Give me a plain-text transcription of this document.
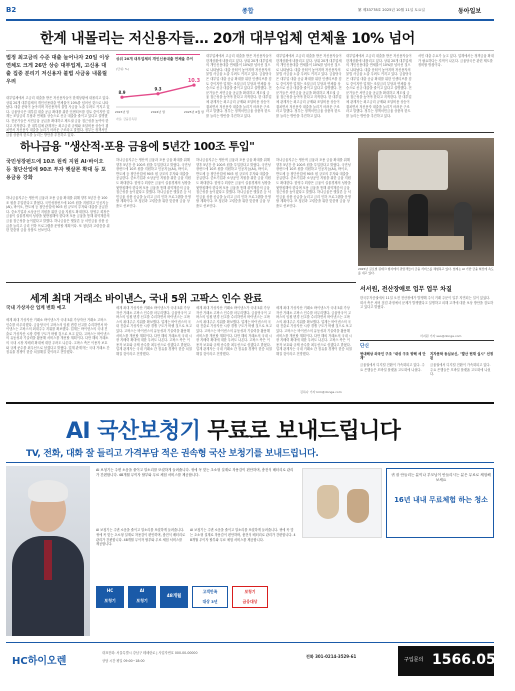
B2	종합	第 제33778호 2025년 10월 11일 토요일	동아일보
한계 내몰리는 저신용자들… 20개 대부업체 연체율 10% 넘어
법정 최고금리 수준 대출 늘어나자 20일 이상 연체도 크게 26만 상승 대부업계, 고신용 대출 집중 분리기 저신용자 불법 사금융 내몰릴 우려
대부업체에서 고금리 대출을 받은 저신용자들이 한계상황에 내몰리고 있다. 상위 20개 대부업체의 개인신용대출 연체율이 10%를 넘어선 것으로 나타났다. 대출 문턱이 높아지며 저신용자의 불법 사금융 노출 우려도 커지고 있다. 금융당국은 대부업 대출 공급 확대를 위한 인센티브를 검토 중이지만 업계는 조달금리 부담과 연체율 상승으로 신규 대출을 줄이고 있다고 설명했다. 전문가들은 서민금융 공급을 확대하고 제도권 금융 접근성을 높여야 한다고 지적한다. 한 대부업체 관계자는 최고금리 규제와 조달비용 상승이 겹치면서 저신용자 대출을 늘리기 어려운 구조라고 말했다. 정부는 정책서민금융 상품의 한도를 늘리는 방안을 추진하고 있다.
상위 20개 대부업체의 개인신용대출 연체율 추이
(단위: %)
8.9
2023년 말
9.3
2024년 말
10.3
2025년 6월 말
자료: 금융감독원
대부업체에서 고금리 대출을 받은 저신용자들이 한계상황에 내몰리고 있다. 상위 20개 대부업체의 개인신용대출 연체율이 10%를 넘어선 것으로 나타났다. 대출 문턱이 높아지며 저신용자의 불법 사금융 노출 우려도 커지고 있다. 금융당국은 대부업 대출 공급 확대를 위한 인센티브를 검토 중이지만 업계는 조달금리 부담과 연체율 상승으로 신규 대출을 줄이고 있다고 설명했다. 전문가들은 서민금융 공급을 확대하고 제도권 금융 접근성을 높여야 한다고 지적한다. 한 대부업체 관계자는 최고금리 규제와 조달비용 상승이 겹치면서 저신용자 대출을 늘리기 어려운 구조라고 말했다. 정부는 정책서민금융 상품의 한도를 늘리는 방안을 추진하고 있다.
대부업체에서 고금리 대출을 받은 저신용자들이 한계상황에 내몰리고 있다. 상위 20개 대부업체의 개인신용대출 연체율이 10%를 넘어선 것으로 나타났다. 대출 문턱이 높아지며 저신용자의 불법 사금융 노출 우려도 커지고 있다. 금융당국은 대부업 대출 공급 확대를 위한 인센티브를 검토 중이지만 업계는 조달금리 부담과 연체율 상승으로 신규 대출을 줄이고 있다고 설명했다. 전문가들은 서민금융 공급을 확대하고 제도권 금융 접근성을 높여야 한다고 지적한다. 한 대부업체 관계자는 최고금리 규제와 조달비용 상승이 겹치면서 저신용자 대출을 늘리기 어려운 구조라고 말했다. 정부는 정책서민금융 상품의 한도를 늘리는 방안을 추진하고 있다.
대부업체에서 고금리 대출을 받은 저신용자들이 한계상황에 내몰리고 있다. 상위 20개 대부업체의 개인신용대출 연체율이 10%를 넘어선 것으로 나타났다. 대출 문턱이 높아지며 저신용자의 불법 사금융 노출 우려도 커지고 있다. 금융당국은 대부업 대출 공급 확대를 위한 인센티브를 검토 중이지만 업계는 조달금리 부담과 연체율 상승으로 신규 대출을 줄이고 있다고 설명했다. 전문가들은 서민금융 공급을 확대하고 제도권 금융 접근성을 높여야 한다고 지적한다. 한 대부업체 관계자는 최고금리 규제와 조달비용 상승이 겹치면서 저신용자 대출을 늘리기 어려운 구조라고 말했다. 정부는 정책서민금융 상품의 한도를 늘리는 방안을 추진하고 있다.
서민 대출 수요가 늘고 있다. 업계에서는 정책금융 확대가 필요하다는 지적이 나온다. 금융당국은 관련 제도를 정비할 방침이다.
하나금융 "생산적·포용 금융에 5년간 100조 투입"
국민성장펀드에 10조 원씩 지원 AI·바이오 등 첨단산업에 90조 투자 햇살론 확대 등 포용금융 강화
하나금융지주는 생산적 금융과 포용 금융 확대를 위해 향후 5년간 총 100조 원을 투입한다고 밝혔다. 국민성장펀드에 10조 원을 지원하고 인공지능(AI), 바이오, 반도체 등 첨단산업에 90조 원 규모의 투자와 대출을 공급한다. 중소기업과 소상공인 지원을 위한 금융 지원도 확대한다. 함영주 회장은 금융이 실물경제의 성장을 뒷받침해야 한다며 포용 금융을 통해 취약계층의 금융 접근성을 높이겠다고 말했다. 하나금융은 햇살론 등 서민금융 상품 공급을 늘리고 금리 인하 프로그램을 운영할 계획이다. 또 청년과 고령층을 위한 맞춤형 금융 상품도 선보인다.
하나금융지주는 생산적 금융과 포용 금융 확대를 위해 향후 5년간 총 100조 원을 투입한다고 밝혔다. 국민성장펀드에 10조 원을 지원하고 인공지능(AI), 바이오, 반도체 등 첨단산업에 90조 원 규모의 투자와 대출을 공급한다. 중소기업과 소상공인 지원을 위한 금융 지원도 확대한다. 함영주 회장은 금융이 실물경제의 성장을 뒷받침해야 한다며 포용 금융을 통해 취약계층의 금융 접근성을 높이겠다고 말했다. 하나금융은 햇살론 등 서민금융 상품 공급을 늘리고 금리 인하 프로그램을 운영할 계획이다. 또 청년과 고령층을 위한 맞춤형 금융 상품도 선보인다.
하나금융지주는 생산적 금융과 포용 금융 확대를 위해 향후 5년간 총 100조 원을 투입한다고 밝혔다. 국민성장펀드에 10조 원을 지원하고 인공지능(AI), 바이오, 반도체 등 첨단산업에 90조 원 규모의 투자와 대출을 공급한다. 중소기업과 소상공인 지원을 위한 금융 지원도 확대한다. 함영주 회장은 금융이 실물경제의 성장을 뒷받침해야 한다며 포용 금융을 통해 취약계층의 금융 접근성을 높이겠다고 말했다. 하나금융은 햇살론 등 서민금융 상품 공급을 늘리고 금리 인하 프로그램을 운영할 계획이다. 또 청년과 고령층을 위한 맞춤형 금융 상품도 선보인다.
하나금융지주는 생산적 금융과 포용 금융 확대를 위해 향후 5년간 총 100조 원을 투입한다고 밝혔다. 국민성장펀드에 10조 원을 지원하고 인공지능(AI), 바이오, 반도체 등 첨단산업에 90조 원 규모의 투자와 대출을 공급한다. 중소기업과 소상공인 지원을 위한 금융 지원도 확대한다. 함영주 회장은 금융이 실물경제의 성장을 뒷받침해야 한다며 포용 금융을 통해 취약계층의 금융 접근성을 높이겠다고 말했다. 하나금융은 햇살론 등 서민금융 상품 공급을 늘리고 금리 인하 프로그램을 운영할 계획이다. 또 청년과 고령층을 위한 맞춤형 금융 상품도 선보인다.
2025년 글로벌 핀테크 행사에서 관람객들이 금융 서비스를 체험하고 있다. 업계는 AI 기반 금융 혁신에 속도를 내고 있다.
서서원, 전산장애로 업무 업무 차질
한국투자증권에서 11일 오전 전산장애가 발생해 주식 거래 주문이 일부 지연되는 일이 있었다. 회사 측은 서버 점검 과정에서 문제가 발생했다고 설명하고 피해 고객에 대한 보상 방안을 검토하고 있다고 밝혔다.
서지원 기자 seo@donga.com
세계 최대 거래소 바이낸스, 국내 5위 고팍스 인수 완료
국내 가상자산 업계 변화 예고
세계 최대 가상자산 거래소 바이낸스가 국내 5위 가상자산 거래소 고팍스 인수를 마무리했다. 금융당국이 고팍스의 임원 변경 신고를 수리하면서 바이낸스는 고팍스의 최대주주 지위를 확보했다. 업계는 바이낸스의 국내 진출로 가상자산 시장 경쟁 구도가 바뀔 것으로 보고 있다. 고팍스는 바이낸스의 유동성과 기술력을 활용해 서비스를 개선할 계획이다. 다만 해외 거래소의 국내 시장 지배력 확대에 대한 우려도 나온다. 고팍스 측은 이용자 보호와 규제 준수를 최우선으로 삼겠다고 밝혔다. 업계 관계자는 국내 거래소 간 점유율 경쟁이 한층 치열해질 것이라고 전망했다.
세계 최대 가상자산 거래소 바이낸스가 국내 5위 가상자산 거래소 고팍스 인수를 마무리했다. 금융당국이 고팍스의 임원 변경 신고를 수리하면서 바이낸스는 고팍스의 최대주주 지위를 확보했다. 업계는 바이낸스의 국내 진출로 가상자산 시장 경쟁 구도가 바뀔 것으로 보고 있다. 고팍스는 바이낸스의 유동성과 기술력을 활용해 서비스를 개선할 계획이다. 다만 해외 거래소의 국내 시장 지배력 확대에 대한 우려도 나온다. 고팍스 측은 이용자 보호와 규제 준수를 최우선으로 삼겠다고 밝혔다. 업계 관계자는 국내 거래소 간 점유율 경쟁이 한층 치열해질 것이라고 전망했다.
세계 최대 가상자산 거래소 바이낸스가 국내 5위 가상자산 거래소 고팍스 인수를 마무리했다. 금융당국이 고팍스의 임원 변경 신고를 수리하면서 바이낸스는 고팍스의 최대주주 지위를 확보했다. 업계는 바이낸스의 국내 진출로 가상자산 시장 경쟁 구도가 바뀔 것으로 보고 있다. 고팍스는 바이낸스의 유동성과 기술력을 활용해 서비스를 개선할 계획이다. 다만 해외 거래소의 국내 시장 지배력 확대에 대한 우려도 나온다. 고팍스 측은 이용자 보호와 규제 준수를 최우선으로 삼겠다고 밝혔다. 업계 관계자는 국내 거래소 간 점유율 경쟁이 한층 치열해질 것이라고 전망했다.
세계 최대 가상자산 거래소 바이낸스가 국내 5위 가상자산 거래소 고팍스 인수를 마무리했다. 금융당국이 고팍스의 임원 변경 신고를 수리하면서 바이낸스는 고팍스의 최대주주 지위를 확보했다. 업계는 바이낸스의 국내 진출로 가상자산 시장 경쟁 구도가 바뀔 것으로 보고 있다. 고팍스는 바이낸스의 유동성과 기술력을 활용해 서비스를 개선할 계획이다. 다만 해외 거래소의 국내 시장 지배력 확대에 대한 우려도 나온다. 고팍스 측은 이용자 보호와 규제 준수를 최우선으로 삼겠다고 밝혔다. 업계 관계자는 국내 거래소 간 점유율 경쟁이 한층 치열해질 것이라고 전망했다.
김하나 기자 kim@donga.com
단신
현대해상 외국인 구조 "대성 구조 향해 세 단계"
금융권에서 디지털 전환이 가속화되고 있다. 주요 은행들은 모바일 플랫폼 고도화에 나섰다.
지자문학 동심보신, "발산 현재 실시" 선정된
금융권에서 디지털 전환이 가속화되고 있다. 주요 은행들은 모바일 플랫폼 고도화에 나섰다.
AI 국산보청기 무료로 보내드립니다
TV, 전화, 대화 잘 들리고 가격부담 적은 권속형 국산 보청기를 보내드립니다.
AI 보청기는 주변 소음을 줄이고 말소리를 또렷하게 들려줍니다. 귀에 꼭 맞는 초소형 설계로 착용감이 편안하며, 충전식 배터리로 관리가 간편합니다. 48개월 무이자 할부와 무료 체험 서비스를 제공합니다.
AI 보청기는 주변 소음을 줄이고 말소리를 또렷하게 들려줍니다. 귀에 꼭 맞는 초소형 설계로 착용감이 편안하며, 충전식 배터리로 관리가 간편합니다. 48개월 무이자 할부와 무료 체험 서비스를 제공합니다.
AI 보청기는 주변 소음을 줄이고 말소리를 또렷하게 들려줍니다. 귀에 꼭 맞는 초소형 설계로 착용감이 편안하며, 충전식 배터리로 관리가 간편합니다. 48개월 무이자 할부와 무료 체험 서비스를 제공합니다.
HC
보청기
AI
보청기
48개월
고객만족
대상 3년
보청기
금융대상
귀 잘 안들리는 분이나 부모님이 안들리시는 분은 무료로 체험해 보세요
16년 내내 무료체험 하는 청소
HC하이오렌
대표전화: 서울특별시 강남구 테헤란로 | 사업자번호 000-00-00000
상담 시간 평일 09:00~18:00
전화 301-0214-3529-61
구입문의 1566.0517
